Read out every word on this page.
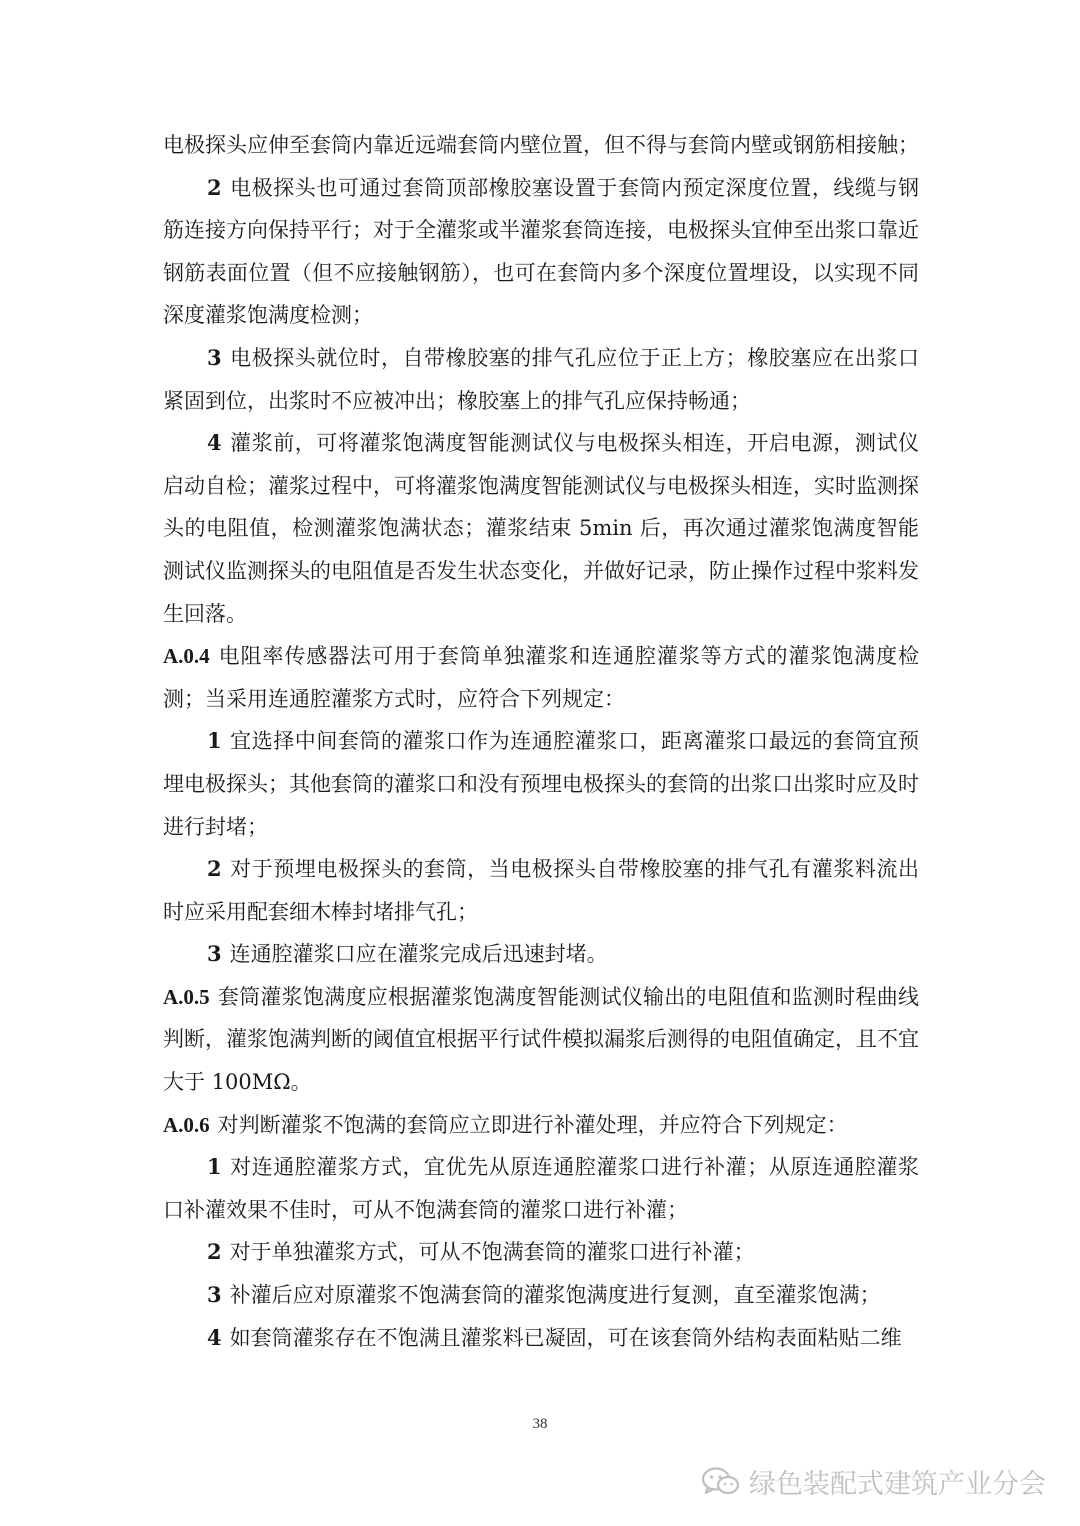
电极探头应伸至套筒内靠近远端套筒内壁位置，但不得与套筒内壁或钢筋相接触；

2 电极探头也可通过套筒顶部橡胶塞设置于套筒内预定深度位置，线缆与钢筋连接方向保持平行；对于全灌浆或半灌浆套筒连接，电极探头宜伸至出浆口靠近钢筋表面位置（但不应接触钢筋），也可在套筒内多个深度位置埋设，以实现不同深度灌浆饱满度检测；

3 电极探头就位时，自带橡胶塞的排气孔应位于正上方；橡胶塞应在出浆口紧固到位，出浆时不应被冲出；橡胶塞上的排气孔应保持畅通；

4 灌浆前，可将灌浆饱满度智能测试仪与电极探头相连，开启电源，测试仪启动自检；灌浆过程中，可将灌浆饱满度智能测试仪与电极探头相连，实时监测探头的电阻值，检测灌浆饱满状态；灌浆结束 5min 后，再次通过灌浆饱满度智能测试仪监测探头的电阻值是否发生状态变化，并做好记录，防止操作过程中浆料发生回落。

A.0.4 电阻率传感器法可用于套筒单独灌浆和连通腔灌浆等方式的灌浆饱满度检测；当采用连通腔灌浆方式时，应符合下列规定：

1 宜选择中间套筒的灌浆口作为连通腔灌浆口，距离灌浆口最远的套筒宜预埋电极探头；其他套筒的灌浆口和没有预埋电极探头的套筒的出浆口出浆时应及时进行封堵；

2 对于预埋电极探头的套筒，当电极探头自带橡胶塞的排气孔有灌浆料流出时应采用配套细木棒封堵排气孔；

3 连通腔灌浆口应在灌浆完成后迅速封堵。

A.0.5 套筒灌浆饱满度应根据灌浆饱满度智能测试仪输出的电阻值和监测时程曲线判断，灌浆饱满判断的阈值宜根据平行试件模拟漏浆后测得的电阻值确定，且不宜大于 100MΩ。

A.0.6 对判断灌浆不饱满的套筒应立即进行补灌处理，并应符合下列规定：

1 对连通腔灌浆方式，宜优先从原连通腔灌浆口进行补灌；从原连通腔灌浆口补灌效果不佳时，可从不饱满套筒的灌浆口进行补灌；

2 对于单独灌浆方式，可从不饱满套筒的灌浆口进行补灌；

3 补灌后应对原灌浆不饱满套筒的灌浆饱满度进行复测，直至灌浆饱满；

4 如套筒灌浆存在不饱满且灌浆料已凝固，可在该套筒外结构表面粘贴二维

38
绿色装配式建筑产业分会
